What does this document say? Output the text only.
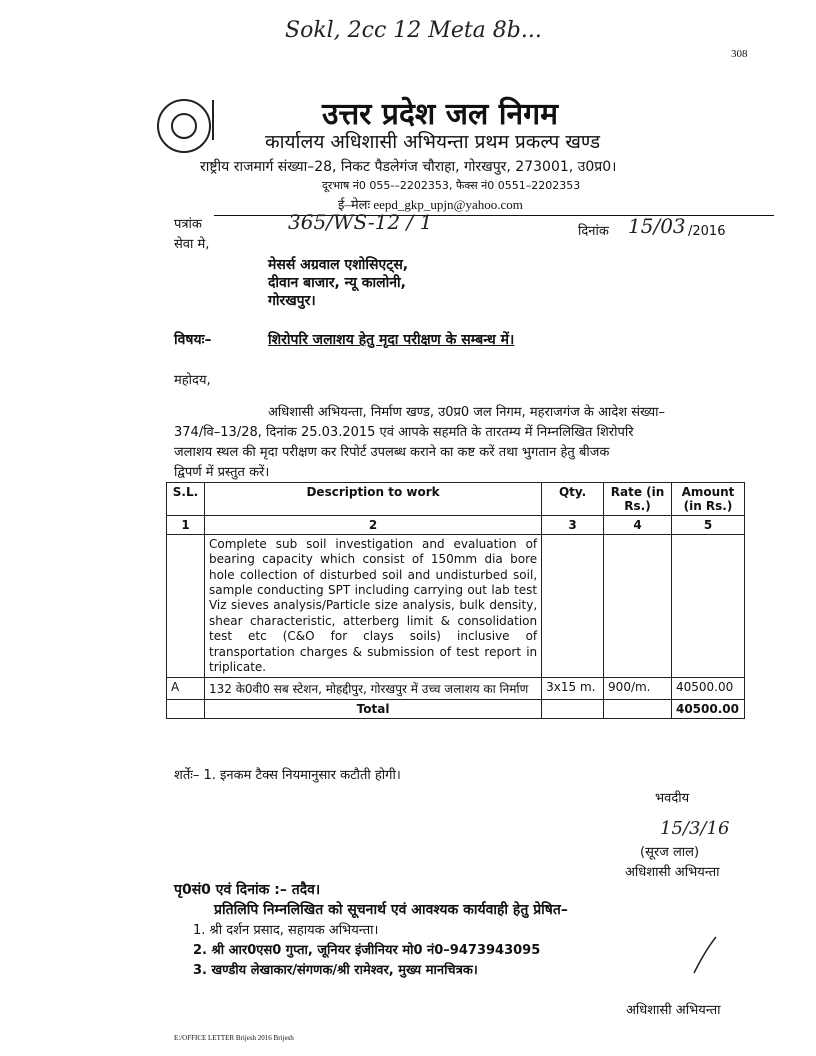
Sokl, 2cc 12 Meta 8b...
308
उत्तर प्रदेश जल निगम
कार्यालय अधिशासी अभियन्ता प्रथम प्रकल्प खण्ड
राष्ट्रीय राजमार्ग संख्या–28, निकट पैडलेगंज चौराहा, गोरखपुर, 273001, उ0प्र0।
दूरभाष नं0 055‑–2202353, फैक्स नं0 0551–2202353
ई–मेलः eepd_gkp_upjn@yahoo.com
पत्रांक	365/WS-12 / 1	दिनांक 15/03 /2016
सेवा मे,
मेसर्स अग्रवाल एशोसिएट्स,
दीवान बाजार, न्यू कालोनी,
गोरखपुर।
विषयः–	शिरोपरि जलाशय हेतु मृदा परीक्षण के सम्बन्ध में।
महोदय,
अधिशासी अभियन्ता, निर्माण खण्ड, उ0प्र0 जल निगम, महराजगंज के आदेश संख्या–
374/वि–13/28, दिनांक 25.03.2015 एवं आपके सहमति के तारतम्य में निम्नलिखित शिरोपरि
जलाशय स्थल की मृदा परीक्षण कर रिपोर्ट उपलब्ध कराने का कष्ट करें तथा भुगतान हेतु बीजक
द्विपर्ण में प्रस्तुत करें।
S.L.	Description to work	Qty.	Rate (in Rs.)	Amount (in Rs.)
1	2	3	4	5
	Complete sub soil investigation and evaluation of bearing capacity which consist of 150mm dia bore hole collection of disturbed soil and undisturbed soil, sample conducting SPT including carrying out lab test Viz sieves analysis/Particle size analysis, bulk density, shear characteristic, atterberg limit & consolidation test etc (C&O for clays soils) inclusive of transportation charges & submission of test report in triplicate.			
A	132 के0वी0 सब स्टेशन, मोहद्दीपुर, गोरखपुर में उच्च जलाशय का निर्माण	3x15 m.	900/m.	40500.00
	Total			40500.00
शर्तेः– 1. इनकम टैक्स नियमानुसार कटौती होगी।
भवदीय
15/3/16
(सूरज लाल)
अधिशासी अभियन्ता
पृ0सं0 एवं दिनांक :– तदैव।
प्रतिलिपि निम्नलिखित को सूचनार्थ एवं आवश्यक कार्यवाही हेतु प्रेषित–
1. श्री दर्शन प्रसाद, सहायक अभियन्ता।
2. श्री आर0एस0 गुप्ता, जूनियर इंजीनियर मो0 नं0–9473943095
3. खण्डीय लेखाकार/संगणक/श्री रामेश्वर, मुख्य मानचित्रक।
अधिशासी अभियन्ता
E:/OFFICE LETTER Brijesh 2016 Brijesh
